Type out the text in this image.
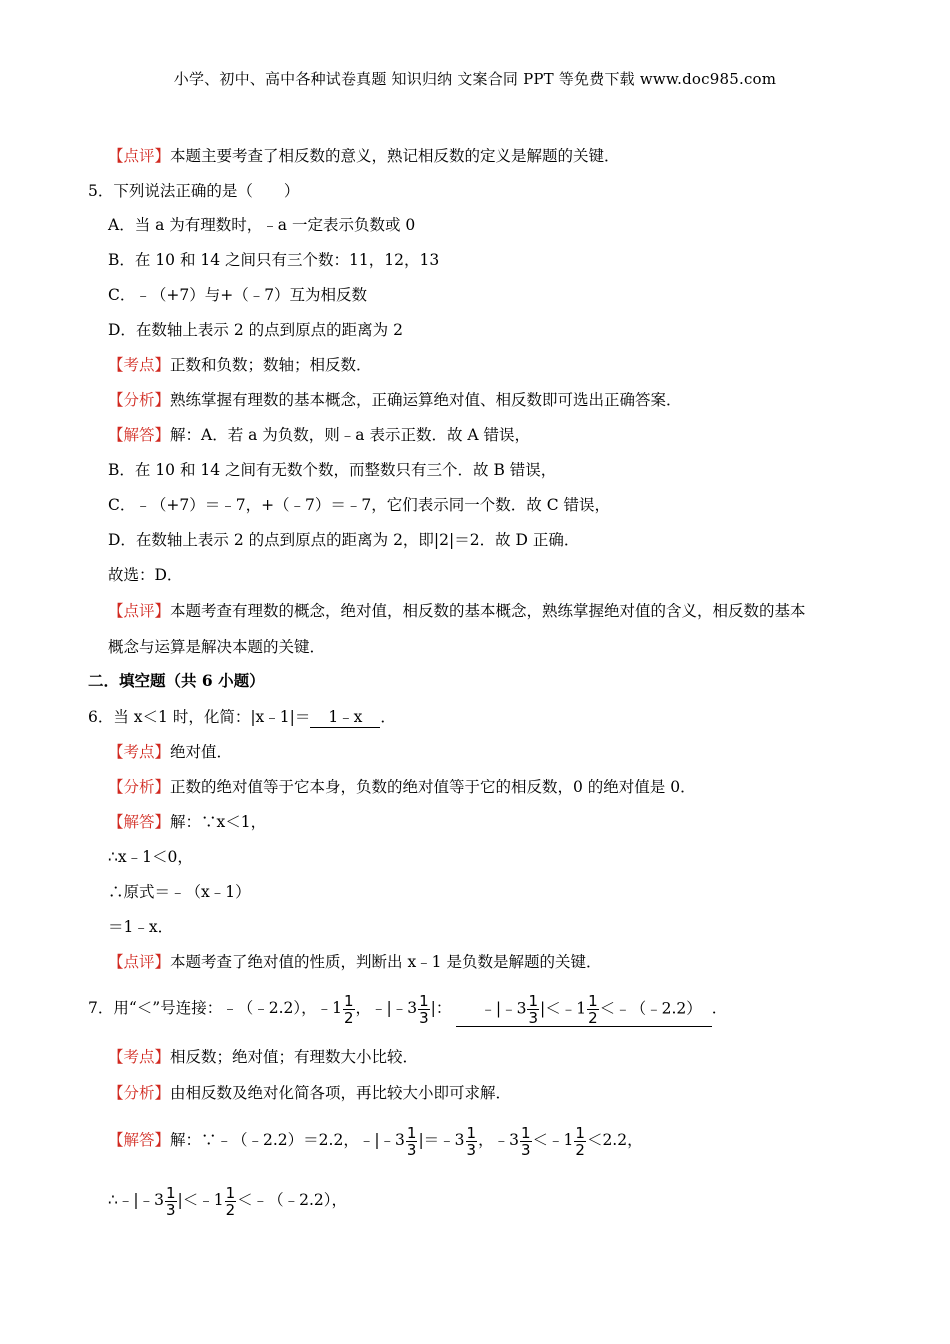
小学、初中、高中各种试卷真题 知识归纳 文案合同 PPT 等免费下载 www.doc985.com
【点评】本题主要考查了相反数的意义，熟记相反数的定义是解题的关键．
5．下列说法正确的是（　　）
A．当 a 为有理数时，﹣a 一定表示负数或 0
B．在 10 和 14 之间只有三个数：11，12，13
C．﹣（+7）与+（﹣7）互为相反数
D．在数轴上表示 2 的点到原点的距离为 2
【考点】正数和负数；数轴；相反数．
【分析】熟练掌握有理数的基本概念，正确运算绝对值、相反数即可选出正确答案．
【解答】解：A．若 a 为负数，则﹣a 表示正数．故 A 错误，
B．在 10 和 14 之间有无数个数，而整数只有三个．故 B 错误，
C．﹣（+7）＝﹣7，+（﹣7）＝﹣7，它们表示同一个数．故 C 错误，
D．在数轴上表示 2 的点到原点的距离为 2，即|2|＝2．故 D 正确．
故选：D．
【点评】本题考查有理数的概念，绝对值，相反数的基本概念，熟练掌握绝对值的含义，相反数的基本
概念与运算是解决本题的关键．
二．填空题（共 6 小题）
6．当 x＜1 时，化简：|x﹣1|＝ 1﹣x ．
【考点】绝对值．
【分析】正数的绝对值等于它本身，负数的绝对值等于它的相反数，0 的绝对值是 0．
【解答】解：∵x＜1，
∴x﹣1＜0，
∴原式＝﹣（x﹣1）
＝1﹣x．
【点评】本题考查了绝对值的性质，判断出 x﹣1 是负数是解题的关键．
7．用“＜”号连接：﹣（﹣2.2），﹣1 $\frac{1}{2}$ ，﹣|﹣3 $\frac{1}{3}$ |： ﹣|﹣3 $\frac{1}{3}$ |＜﹣1 $\frac{1}{2}$ ＜﹣（﹣2.2） ．
【考点】相反数；绝对值；有理数大小比较．
【分析】由相反数及绝对化简各项，再比较大小即可求解．
【解答】解：∵﹣（﹣2.2）＝2.2，﹣|﹣3 $\frac{1}{3}$ |＝﹣3 $\frac{1}{3}$ ，﹣3 $\frac{1}{3}$ ＜﹣1 $\frac{1}{2} <2.2$，
∴﹣|﹣3 $\frac{1}{3}$ |＜﹣1 $\frac{1}{2}$ ＜﹣（﹣2.2），
